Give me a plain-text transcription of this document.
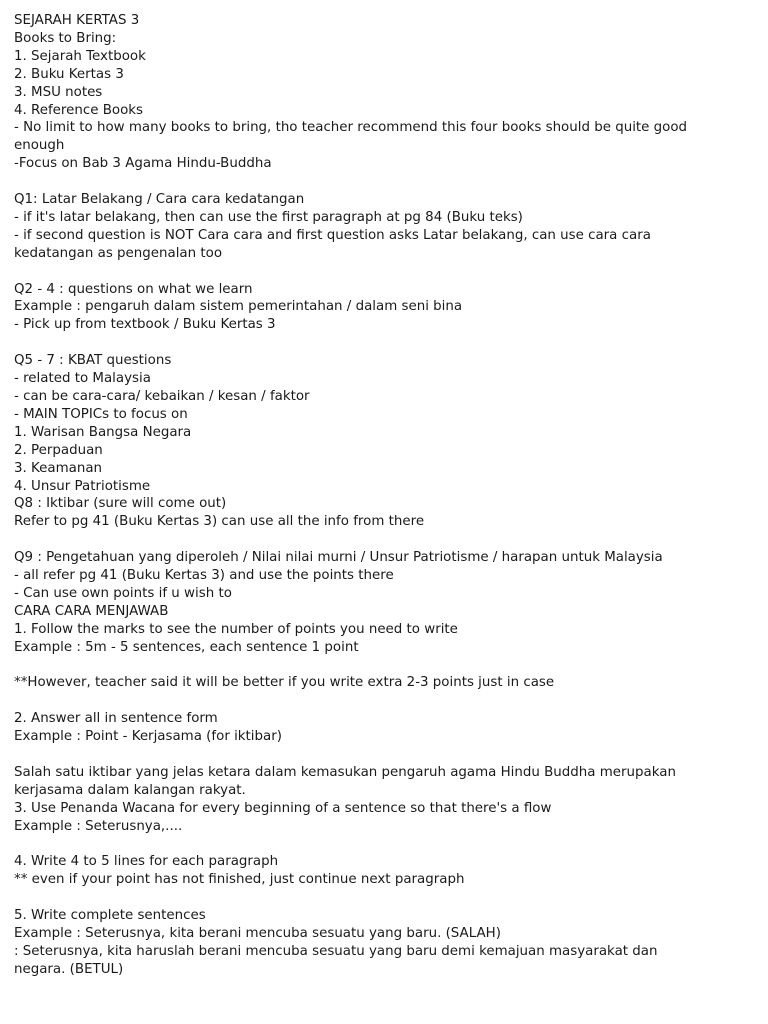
SEJARAH KERTAS 3
Books to Bring:
1. Sejarah Textbook
2. Buku Kertas 3
3. MSU notes
4. Reference Books
- No limit to how many books to bring, tho teacher recommend this four books should be quite good
enough
-Focus on Bab 3 Agama Hindu-Buddha
Q1: Latar Belakang / Cara cara kedatangan
- if it's latar belakang, then can use the first paragraph at pg 84 (Buku teks)
- if second question is NOT Cara cara and first question asks Latar belakang, can use cara cara
kedatangan as pengenalan too
Q2 - 4 : questions on what we learn
Example : pengaruh dalam sistem pemerintahan / dalam seni bina
- Pick up from textbook / Buku Kertas 3
Q5 - 7 : KBAT questions
- related to Malaysia
- can be cara-cara/ kebaikan / kesan / faktor
- MAIN TOPICs to focus on
1. Warisan Bangsa Negara
2. Perpaduan
3. Keamanan
4. Unsur Patriotisme
Q8 : Iktibar (sure will come out)
Refer to pg 41 (Buku Kertas 3) can use all the info from there
Q9 : Pengetahuan yang diperoleh / Nilai nilai murni / Unsur Patriotisme / harapan untuk Malaysia
- all refer pg 41 (Buku Kertas 3) and use the points there
- Can use own points if u wish to
CARA CARA MENJAWAB
1. Follow the marks to see the number of points you need to write
Example : 5m - 5 sentences, each sentence 1 point
**However, teacher said it will be better if you write extra 2-3 points just in case
2. Answer all in sentence form
Example : Point - Kerjasama (for iktibar)
Salah satu iktibar yang jelas ketara dalam kemasukan pengaruh agama Hindu Buddha merupakan
kerjasama dalam kalangan rakyat.
3. Use Penanda Wacana for every beginning of a sentence so that there's a flow
Example : Seterusnya,....
4. Write 4 to 5 lines for each paragraph
** even if your point has not finished, just continue next paragraph
5. Write complete sentences
Example : Seterusnya, kita berani mencuba sesuatu yang baru. (SALAH)
: Seterusnya, kita haruslah berani mencuba sesuatu yang baru demi kemajuan masyarakat dan
negara. (BETUL)
